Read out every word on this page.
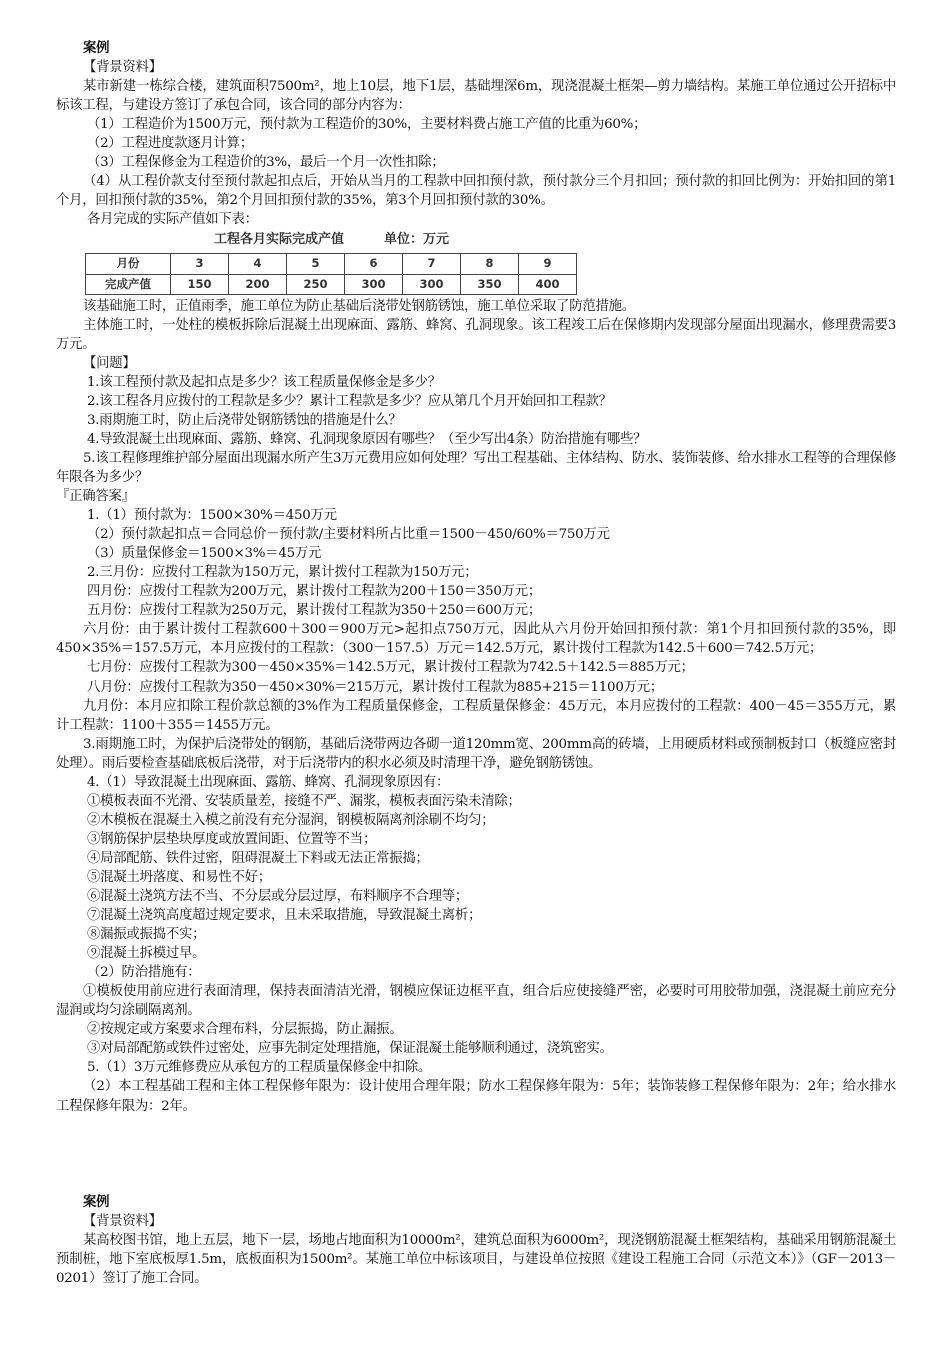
案例
【背景资料】
某市新建一栋综合楼，建筑面积7500m²，地上10层，地下1层，基础埋深6m，现浇混凝土框架—剪力墙结构。某施工单位通过公开招标中标该工程，与建设方签订了承包合同，该合同的部分内容为：
（1）工程造价为1500万元，预付款为工程造价的30%，主要材料费占施工产值的比重为60%；
（2）工程进度款逐月计算；
（3）工程保修金为工程造价的3%，最后一个月一次性扣除；
（4）从工程价款支付至预付款起扣点后，开始从当月的工程款中回扣预付款，预付款分三个月扣回；预付款的扣回比例为：开始扣回的第1个月，回扣预付款的35%，第2个月回扣预付款的35%，第3个月回扣预付款的30%。
各月完成的实际产值如下表：
工程各月实际完成产值	单位：万元
月份	3	4	5	6	7	8	9
完成产值	150	200	250	300	300	350	400
该基础施工时，正值雨季，施工单位为防止基础后浇带处钢筋锈蚀，施工单位采取了防范措施。
主体施工时，一处柱的模板拆除后混凝土出现麻面、露筋、蜂窝、孔洞现象。该工程竣工后在保修期内发现部分屋面出现漏水，修理费需要3万元。
【问题】
1.该工程预付款及起扣点是多少？该工程质量保修金是多少？
2.该工程各月应拨付的工程款是多少？累计工程款是多少？应从第几个月开始回扣工程款？
3.雨期施工时，防止后浇带处钢筋锈蚀的措施是什么？
4.导致混凝土出现麻面、露筋、蜂窝、孔洞现象原因有哪些？（至少写出4条）防治措施有哪些？
5.该工程修理维护部分屋面出现漏水所产生3万元费用应如何处理？写出工程基础、主体结构、防水、装饰装修、给水排水工程等的合理保修年限各为多少？
『正确答案』
1.（1）预付款为：1500×30%＝450万元
（2）预付款起扣点＝合同总价－预付款/主要材料所占比重＝1500－450/60%＝750万元
（3）质量保修金＝1500×3%＝45万元
2.三月份：应拨付工程款为150万元，累计拨付工程款为150万元；
四月份：应拨付工程款为200万元，累计拨付工程款为200＋150＝350万元；
五月份：应拨付工程款为250万元，累计拨付工程款为350＋250＝600万元；
六月份：由于累计拨付工程款600＋300＝900万元>起扣点750万元，因此从六月份开始回扣预付款：第1个月扣回预付款的35%，即450×35%＝157.5万元，本月应拨付的工程款：（300－157.5）万元＝142.5万元，累计拨付工程款为142.5＋600＝742.5万元；
七月份：应拨付工程款为300－450×35%＝142.5万元，累计拨付工程款为742.5＋142.5＝885万元；
八月份：应拨付工程款为350－450×30%＝215万元，累计拨付工程款为885+215＝1100万元；
九月份：本月应扣除工程价款总额的3%作为工程质量保修金，工程质量保修金：45万元，本月应拨付的工程款：400－45＝355万元，累计工程款：1100＋355＝1455万元。
3.雨期施工时，为保护后浇带处的钢筋，基础后浇带两边各砌一道120mm宽、200mm高的砖墙，上用硬质材料或预制板封口（板缝应密封处理）。雨后要检查基础底板后浇带，对于后浇带内的积水必须及时清理干净，避免钢筋锈蚀。
4.（1）导致混凝土出现麻面、露筋、蜂窝、孔洞现象原因有：
①模板表面不光滑、安装质量差，接缝不严、漏浆，模板表面污染未清除；
②木模板在混凝土入模之前没有充分湿润，钢模板隔离剂涂刷不均匀；
③钢筋保护层垫块厚度或放置间距、位置等不当；
④局部配筋、铁件过密，阻碍混凝土下料或无法正常振捣；
⑤混凝土坍落度、和易性不好；
⑥混凝土浇筑方法不当、不分层或分层过厚，布料顺序不合理等；
⑦混凝土浇筑高度超过规定要求，且未采取措施，导致混凝土离析；
⑧漏振或振捣不实；
⑨混凝土拆模过早。
（2）防治措施有：
①模板使用前应进行表面清理，保持表面清洁光滑，钢模应保证边框平直，组合后应使接缝严密，必要时可用胶带加强，浇混凝土前应充分湿润或均匀涂刷隔离剂。
②按规定或方案要求合理布料，分层振捣，防止漏振。
③对局部配筋或铁件过密处，应事先制定处理措施，保证混凝土能够顺利通过，浇筑密实。
5.（1）3万元维修费应从承包方的工程质量保修金中扣除。
（2）本工程基础工程和主体工程保修年限为：设计使用合理年限；防水工程保修年限为：5年；装饰装修工程保修年限为：2年；给水排水工程保修年限为：2年。
案例
【背景资料】
某高校图书馆，地上五层，地下一层，场地占地面积为10000m²，建筑总面积为6000m²，现浇钢筋混凝土框架结构，基础采用钢筋混凝土预制桩，地下室底板厚1.5m，底板面积为1500m²。某施工单位中标该项目，与建设单位按照《建设工程施工合同（示范文本）》（GF－2013－0201）签订了施工合同。
